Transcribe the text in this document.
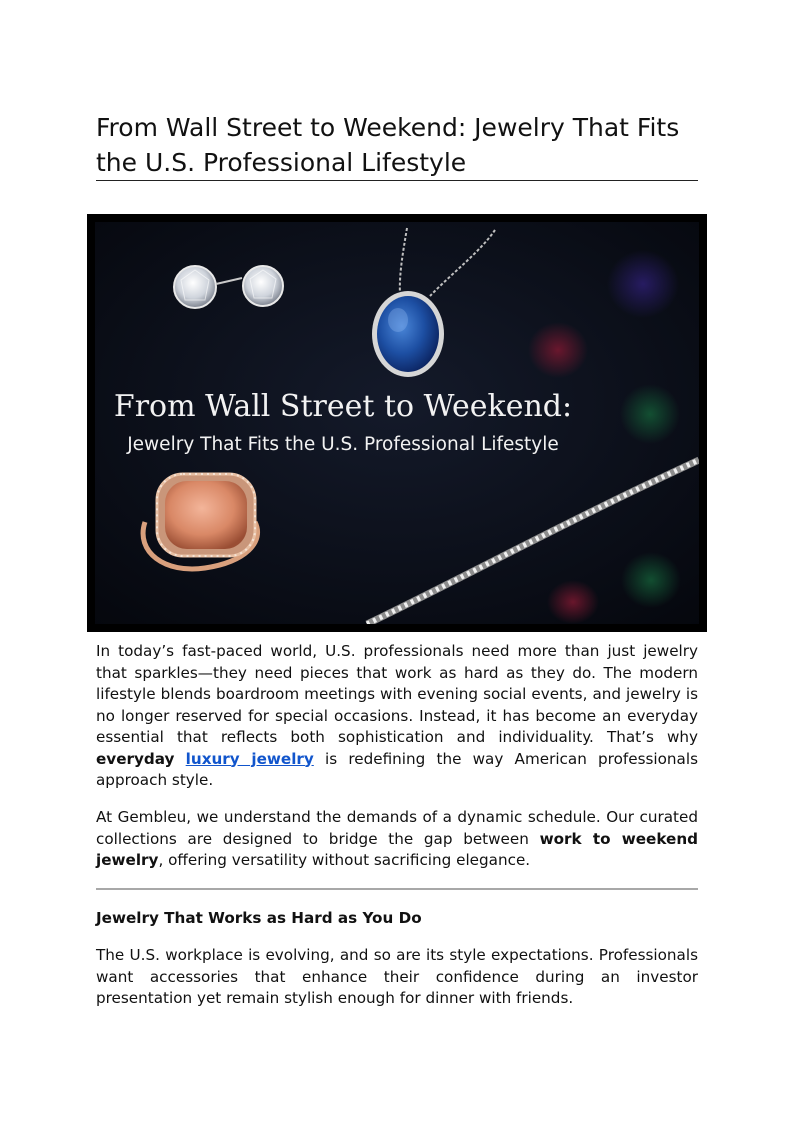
From Wall Street to Weekend: Jewelry That Fits the U.S. Professional Lifestyle
From Wall Street to Weekend:
Jewelry That Fits the U.S. Professional Lifestyle

In today’s fast-paced world, U.S. professionals need more than just jewelry that sparkles—they need pieces that work as hard as they do. The modern lifestyle blends boardroom meetings with evening social events, and jewelry is no longer reserved for special occasions. Instead, it has become an everyday essential that reflects both sophistication and individuality. That’s why everyday luxury jewelry is redefining the way American professionals approach style.

At Gembleu, we understand the demands of a dynamic schedule. Our curated collections are designed to bridge the gap between work to weekend jewelry, offering versatility without sacrificing elegance.

Jewelry That Works as Hard as You Do

The U.S. workplace is evolving, and so are its style expectations. Professionals want accessories that enhance their confidence during an investor presentation yet remain stylish enough for dinner with friends.
